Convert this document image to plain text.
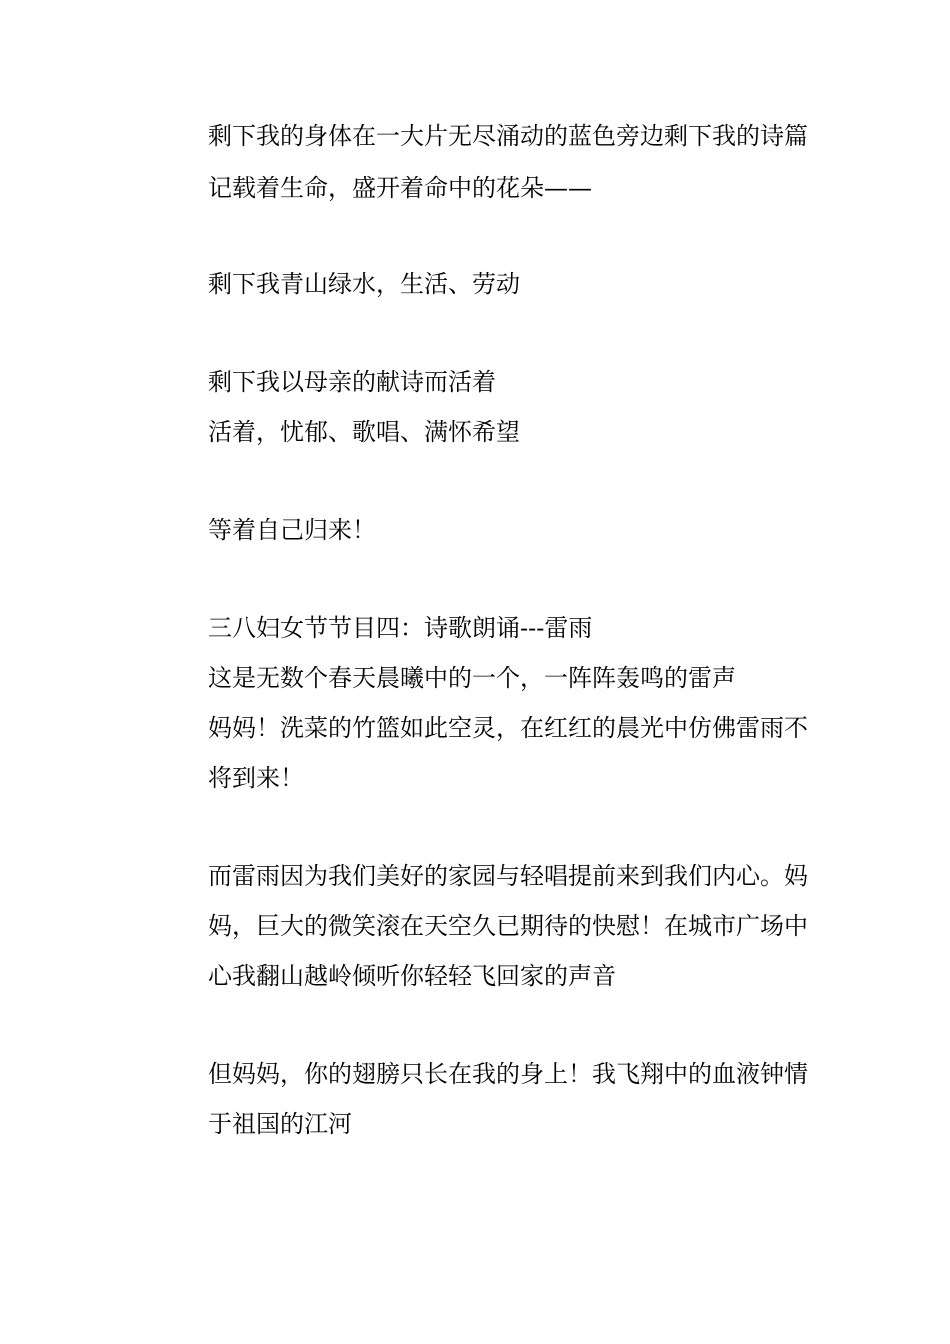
剩下我的身体在一大片无尽涌动的蓝色旁边剩下我的诗篇
记载着生命，盛开着命中的花朵——
剩下我青山绿水，生活、劳动
剩下我以母亲的献诗而活着
活着，忧郁、歌唱、满怀希望
等着自己归来！
三八妇女节节目四：诗歌朗诵---雷雨
这是无数个春天晨曦中的一个，一阵阵轰鸣的雷声
妈妈！洗菜的竹篮如此空灵，在红红的晨光中仿佛雷雨不
将到来！
而雷雨因为我们美好的家园与轻唱提前来到我们内心。妈
妈，巨大的微笑滚在天空久已期待的快慰！在城市广场中
心我翻山越岭倾听你轻轻飞回家的声音
但妈妈，你的翅膀只长在我的身上！我飞翔中的血液钟情
于祖国的江河
